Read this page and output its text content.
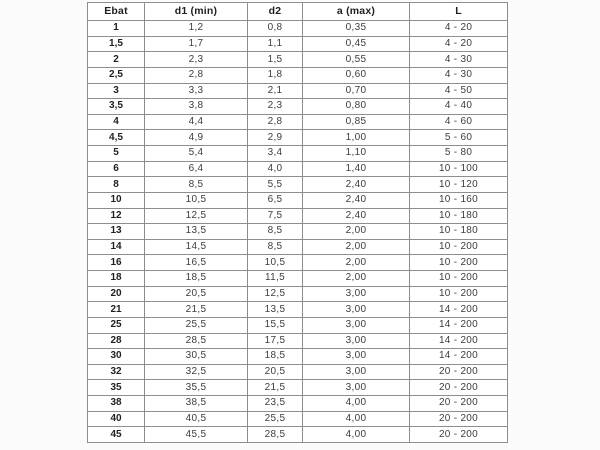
Ebat	d1 (min)	d2	a (max)	L
1	1,2	0,8	0,35	4 - 20
1,5	1,7	1,1	0,45	4 - 20
2	2,3	1,5	0,55	4 - 30
2,5	2,8	1,8	0,60	4 - 30
3	3,3	2,1	0,70	4 - 50
3,5	3,8	2,3	0,80	4 - 40
4	4,4	2,8	0,85	4 - 60
4,5	4,9	2,9	1,00	5 - 60
5	5,4	3,4	1,10	5 - 80
6	6,4	4,0	1,40	10 - 100
8	8,5	5,5	2,40	10 - 120
10	10,5	6,5	2,40	10 - 160
12	12,5	7,5	2,40	10 - 180
13	13,5	8,5	2,00	10 - 180
14	14,5	8,5	2,00	10 - 200
16	16,5	10,5	2,00	10 - 200
18	18,5	11,5	2,00	10 - 200
20	20,5	12,5	3,00	10 - 200
21	21,5	13,5	3,00	14 - 200
25	25,5	15,5	3,00	14 - 200
28	28,5	17,5	3,00	14 - 200
30	30,5	18,5	3,00	14 - 200
32	32,5	20,5	3,00	20 - 200
35	35,5	21,5	3,00	20 - 200
38	38,5	23,5	4,00	20 - 200
40	40,5	25,5	4,00	20 - 200
45	45,5	28,5	4,00	20 - 200
